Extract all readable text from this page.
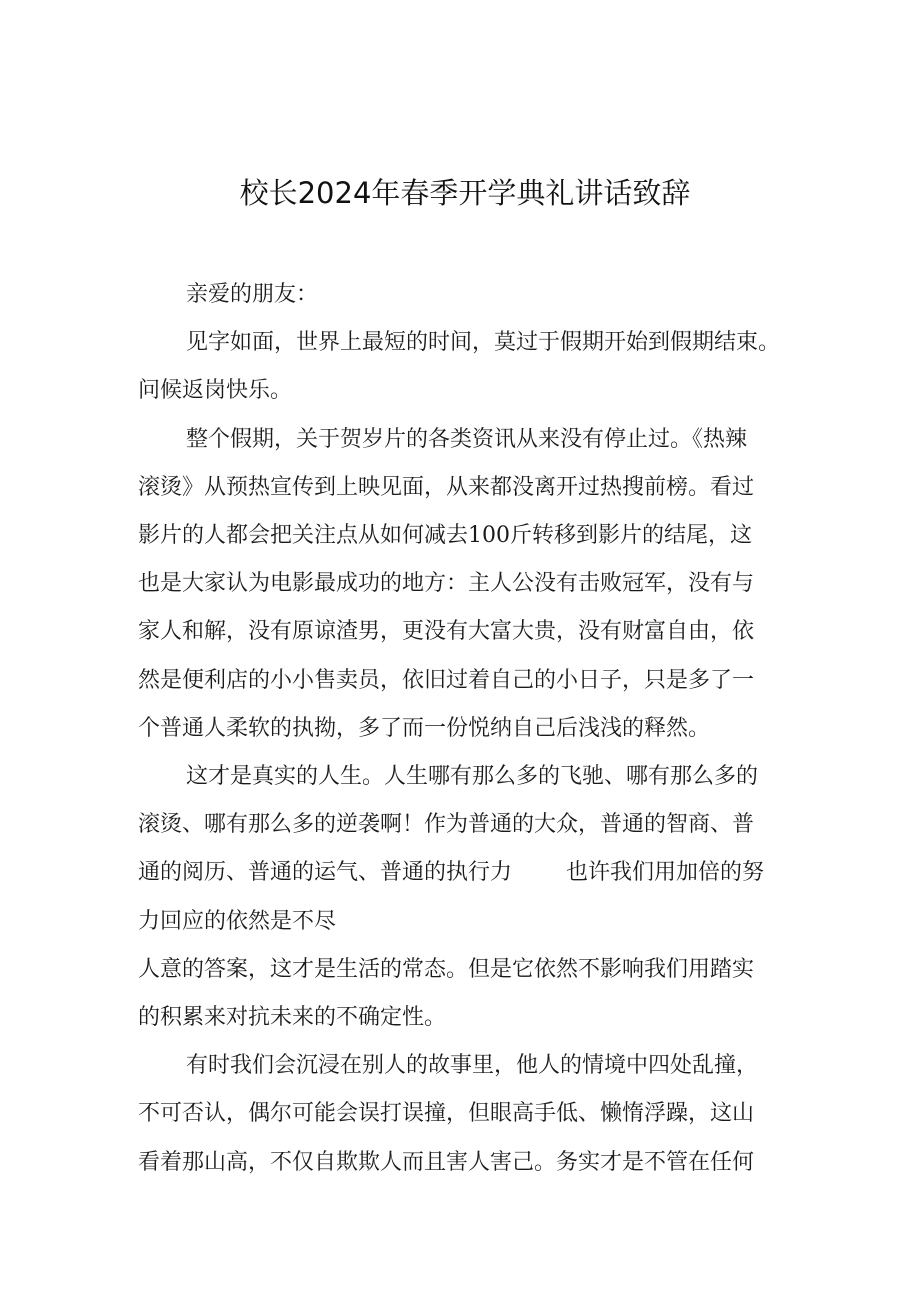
校长2024年春季开学典礼讲话致辞

亲爱的朋友：

见字如面，世界上最短的时间，莫过于假期开始到假期结束。
问候返岗快乐。

整个假期，关于贺岁片的各类资讯从来没有停止过。《热辣
滚烫》从预热宣传到上映见面，从来都没离开过热搜前榜。看过
影片的人都会把关注点从如何减去100斤转移到影片的结尾，这
也是大家认为电影最成功的地方：主人公没有击败冠军，没有与
家人和解，没有原谅渣男，更没有大富大贵，没有财富自由，依
然是便利店的小小售卖员，依旧过着自己的小日子，只是多了一
个普通人柔软的执拗，多了而一份悦纳自己后浅浅的释然。

这才是真实的人生。人生哪有那么多的飞驰、哪有那么多的
滚烫、哪有那么多的逆袭啊！作为普通的大众，普通的智商、普
通的阅历、普通的运气、普通的执行力 也许我们用加倍的努
力回应的依然是不尽
人意的答案，这才是生活的常态。但是它依然不影响我们用踏实
的积累来对抗未来的不确定性。

有时我们会沉浸在别人的故事里，他人的情境中四处乱撞，
不可否认，偶尔可能会误打误撞，但眼高手低、懒惰浮躁，这山
看着那山高，不仅自欺欺人而且害人害己。务实才是不管在任何
